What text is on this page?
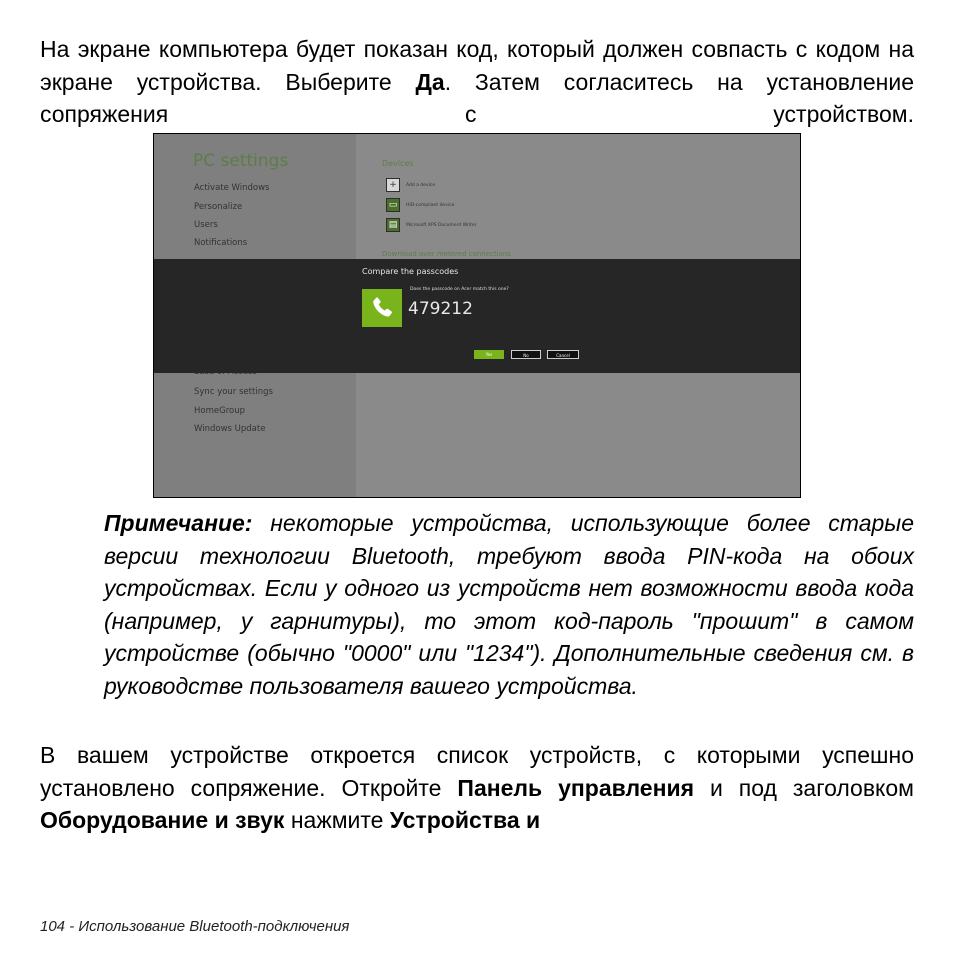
На экране компьютера будет показан код, который должен совпасть с кодом на экране устройства. Выберите Да. Затем согласитесь на установление сопряжения с устройством.

PC settings
Activate Windows
Personalize
Users
Notifications
Sync your settings
HomeGroup
Windows Update
Devices
+	Add a device
▭	HID-compliant device
▤	Microsoft XPS Document Writer
Download over metered connections
Compare the passcodes
Does the passcode on Acer match this one?
479212
Yes	No	Cancel

Примечание: некоторые устройства, использующие более старые версии технологии Bluetooth, требуют ввода PIN-кода на обоих устройствах. Если у одного из устройств нет возможности ввода кода (например, у гарнитуры), то этот код-пароль "прошит" в самом устройстве (обычно "0000" или "1234"). Дополнительные сведения см. в руководстве пользователя вашего устройства.

В вашем устройстве откроется список устройств, с которыми успешно установлено сопряжение. Откройте Панель управления и под заголовком Оборудование и звук нажмите Устройства и

104 - Использование Bluetooth-подключения
